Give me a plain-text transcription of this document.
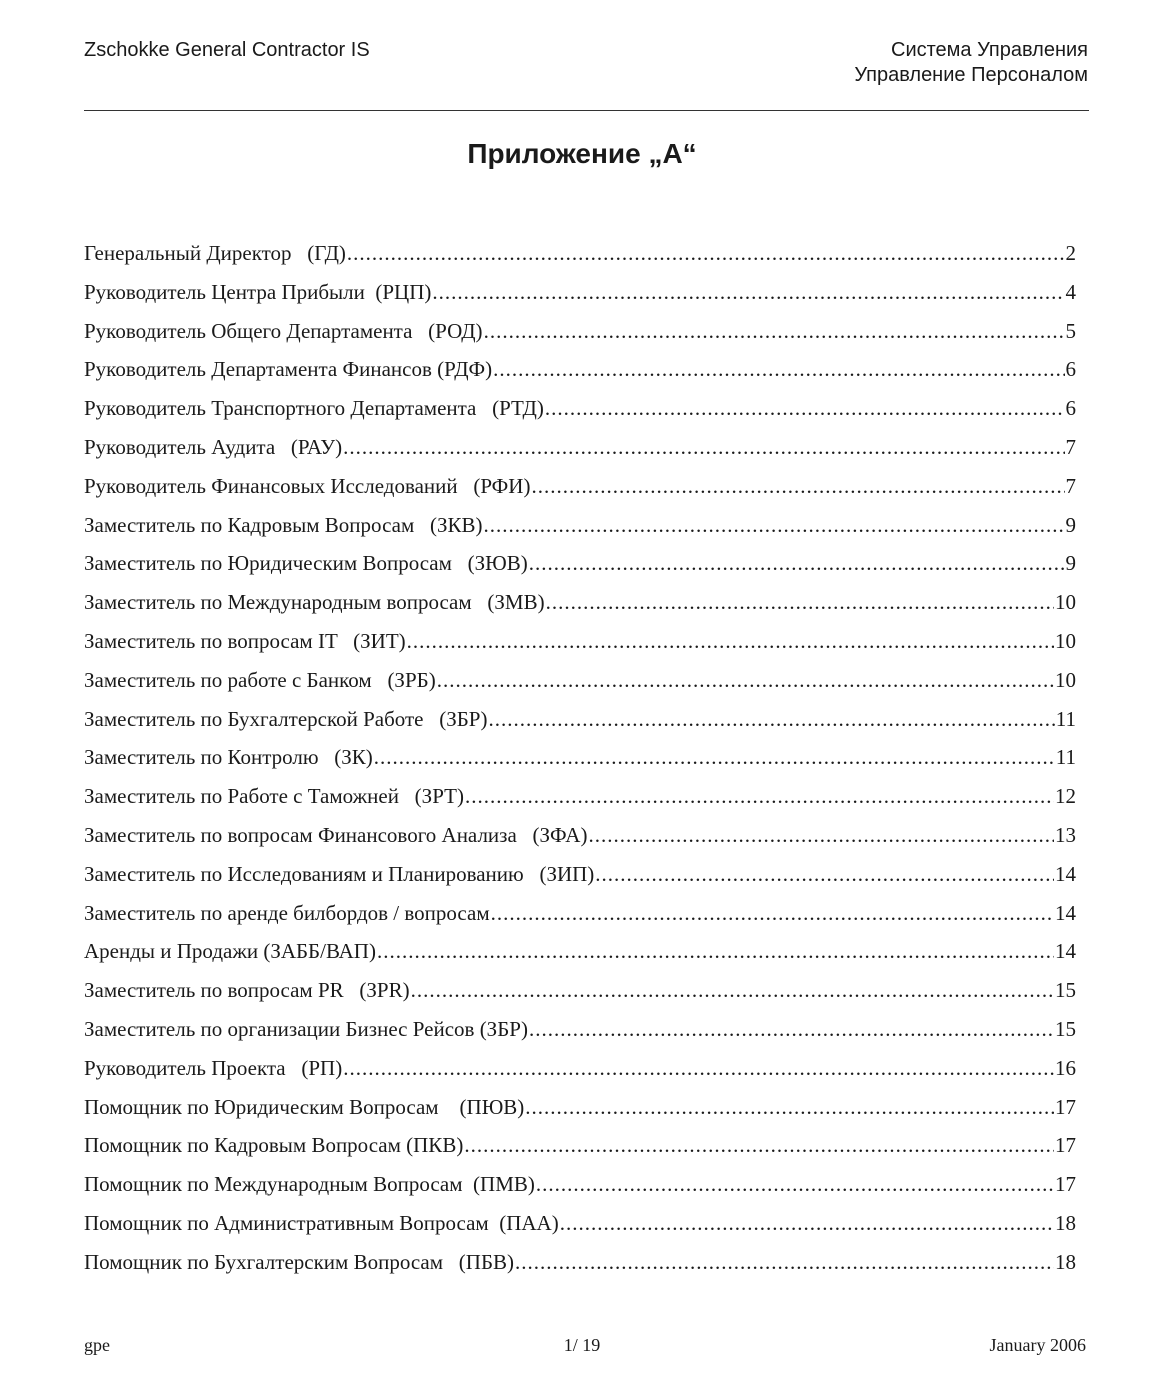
Zschokke General Contractor IS	Система Управления
Управление Персоналом
Приложение „А“
Генеральный Директор   (ГД) .....	2
Руководитель Центра Прибыли  (РЦП) .....	4
Руководитель Общего Департамента   (РОД) .....	5
Руководитель Департамента Финансов (РДФ) .....	6
Руководитель Транспортного Департамента   (РТД) .....	6
Руководитель Аудита   (РАУ) .....	7
Руководитель Финансовых Исследований   (РФИ) .....	7
Заместитель по Кадровым Вопросам   (ЗКВ) .....	9
Заместитель по Юридическим Вопросам   (ЗЮВ) .....	9
Заместитель по Международным вопросам   (ЗМВ) .....	10
Заместитель по вопросам IT   (ЗИТ) .....	10
Заместитель по работе с Банком   (ЗРБ) .....	10
Заместитель по Бухгалтерской Работе   (ЗБР) .....	11
Заместитель по Контролю   (ЗК) .....	11
Заместитель по Работе с Таможней   (ЗРТ) .....	12
Заместитель по вопросам Финансового Анализа   (ЗФА) .....	13
Заместитель по Исследованиям и Планированию   (ЗИП) .....	14
Заместитель по аренде билбордов / вопросам .....	14
Аренды и Продажи (ЗАББ/ВАП) .....	14
Заместитель по вопросам PR   (ЗPR) .....	15
Заместитель по организации Бизнес Рейсов (ЗБР) .....	15
Руководитель Проекта   (РП) .....	16
Помощник по Юридическим Вопросам    (ПЮВ) .....	17
Помощник по Кадровым Вопросам (ПКВ) .....	17
Помощник по Международным Вопросам  (ПМВ) .....	17
Помощник по Административным Вопросам  (ПАА) .....	18
Помощник по Бухгалтерским Вопросам   (ПБВ) .....	18
gpe	1/ 19	January 2006
